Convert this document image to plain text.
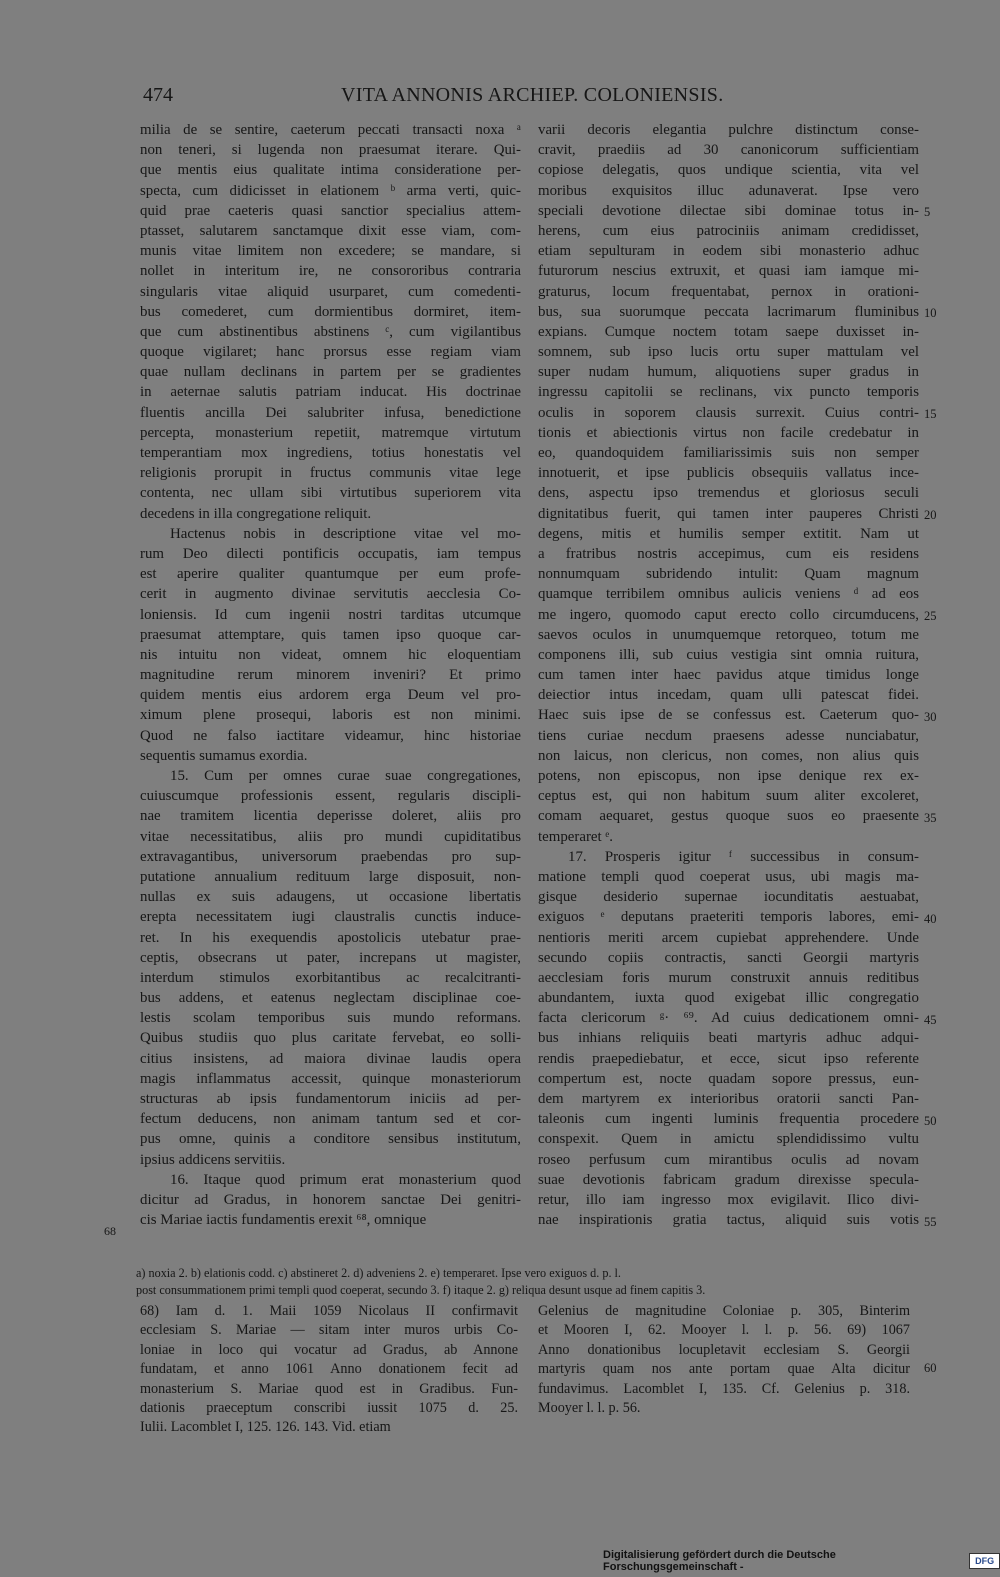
474	VITA ANNONIS ARCHIEP. COLONIENSIS.
milia de se sentire, caeterum peccati transacti noxa ᵃ
non teneri, si lugenda non praesumat iterare. Qui-
que mentis eius qualitate intima consideratione per-
specta, cum didicisset in elationem ᵇ arma verti, quic-
quid prae caeteris quasi sanctior specialius attem-
ptasset, salutarem sanctamque dixit esse viam, com-
munis vitae limitem non excedere; se mandare, si
nollet in interitum ire, ne consororibus contraria
singularis vitae aliquid usurparet, cum comedenti-
bus comederet, cum dormientibus dormiret, item-
que cum abstinentibus abstinens ᶜ, cum vigilantibus
quoque vigilaret; hanc prorsus esse regiam viam
quae nullam declinans in partem per se gradientes
in aeternae salutis patriam inducat. His doctrinae
fluentis ancilla Dei salubriter infusa, benedictione
percepta, monasterium repetiit, matremque virtutum
temperantiam mox ingrediens, totius honestatis vel
religionis prorupit in fructus communis vitae lege
contenta, nec ullam sibi virtutibus superiorem vita
decedens in illa congregatione reliquit.
Hactenus nobis in descriptione vitae vel mo-
rum Deo dilecti pontificis occupatis, iam tempus
est aperire qualiter quantumque per eum profe-
cerit in augmento divinae servitutis aecclesia Co-
loniensis. Id cum ingenii nostri tarditas utcumque
praesumat attemptare, quis tamen ipso quoque car-
nis intuitu non videat, omnem hic eloquentiam
magnitudine rerum minorem inveniri? Et primo
quidem mentis eius ardorem erga Deum vel pro-
ximum plene prosequi, laboris est non minimi.
Quod ne falso iactitare videamur, hinc historiae
sequentis sumamus exordia.
15. Cum per omnes curae suae congregationes,
cuiuscumque professionis essent, regularis discipli-
nae tramitem licentia deperisse doleret, aliis pro
vitae necessitatibus, aliis pro mundi cupiditatibus
extravagantibus, universorum praebendas pro sup-
putatione annualium redituum large disposuit, non-
nullas ex suis adaugens, ut occasione libertatis
erepta necessitatem iugi claustralis cunctis induce-
ret. In his exequendis apostolicis utebatur prae-
ceptis, obsecrans ut pater, increpans ut magister,
interdum stimulos exorbitantibus ac recalcitranti-
bus addens, et eatenus neglectam disciplinae coe-
lestis scolam temporibus suis mundo reformans.
Quibus studiis quo plus caritate fervebat, eo solli-
citius insistens, ad maiora divinae laudis opera
magis inflammatus accessit, quinque monasteriorum
structuras ab ipsis fundamentorum iniciis ad per-
fectum deducens, non animam tantum sed et cor-
pus omne, quinis a conditore sensibus institutum,
ipsius addicens servitiis.
16. Itaque quod primum erat monasterium quod
dicitur ad Gradus, in honorem sanctae Dei genitri-
cis Mariae iactis fundamentis erexit ⁶⁸, omnique
varii decoris elegantia pulchre distinctum conse-
cravit, praediis ad 30 canonicorum sufficientiam
copiose delegatis, quos undique scientia, vita vel
moribus exquisitos illuc adunaverat. Ipse vero
speciali devotione dilectae sibi dominae totus in-
herens, cum eius patrociniis animam credidisset,
etiam sepulturam in eodem sibi monasterio adhuc
futurorum nescius extruxit, et quasi iam iamque mi-
graturus, locum frequentabat, pernox in orationi-
bus, sua suorumque peccata lacrimarum fluminibus
expians. Cumque noctem totam saepe duxisset in-
somnem, sub ipso lucis ortu super mattulam vel
super nudam humum, aliquotiens super gradus in
ingressu capitolii se reclinans, vix puncto temporis
oculis in soporem clausis surrexit. Cuius contri-
tionis et abiectionis virtus non facile credebatur in
eo, quandoquidem familiarissimis suis non semper
innotuerit, et ipse publicis obsequiis vallatus ince-
dens, aspectu ipso tremendus et gloriosus seculi
dignitatibus fuerit, qui tamen inter pauperes Christi
degens, mitis et humilis semper extitit. Nam ut
a fratribus nostris accepimus, cum eis residens
nonnumquam subridendo intulit: Quam magnum
quamque terribilem omnibus aulicis veniens ᵈ ad eos
me ingero, quomodo caput erecto collo circumducens,
saevos oculos in unumquemque retorqueo, totum me
componens illi, sub cuius vestigia sint omnia ruitura,
cum tamen inter haec pavidus atque timidus longe
deiectior intus incedam, quam ulli patescat fidei.
Haec suis ipse de se confessus est. Caeterum quo-
tiens curiae necdum praesens adesse nunciabatur,
non laicus, non clericus, non comes, non alius quis
potens, non episcopus, non ipse denique rex ex-
ceptus est, qui non habitum suum aliter excoleret,
comam aequaret, gestus quoque suos eo praesente
temperaret ᵉ.
17. Prosperis igitur ᶠ successibus in consum-
matione templi quod coeperat usus, ubi magis ma-
gisque desiderio supernae iocunditatis aestuabat,
exiguos ᵉ deputans praeteriti temporis labores, emi-
nentioris meriti arcem cupiebat apprehendere. Unde
secundo copiis contractis, sancti Georgii martyris
aecclesiam foris murum construxit annuis reditibus
abundantem, iuxta quod exigebat illic congregatio
facta clericorum ᵍ· ⁶⁹. Ad cuius dedicationem omni-
bus inhians reliquiis beati martyris adhuc adqui-
rendis praepediebatur, et ecce, sicut ipso referente
compertum est, nocte quadam sopore pressus, eun-
dem martyrem ex interioribus oratorii sancti Pan-
taleonis cum ingenti luminis frequentia procedere
conspexit. Quem in amictu splendidissimo vultu
roseo perfusum cum mirantibus oculis ad novam
suae devotionis fabricam gradum direxisse specula-
retur, illo iam ingresso mox evigilavit. Ilico divi-
nae inspirationis gratia tactus, aliquid suis votis
68
5
10
15
20
25
30
35
40
45
50
55
a) noxia 2. b) elationis codd. c) abstineret 2. d) adveniens 2. e) temperaret. Ipse vero exiguos d. p. l.
post consummationem primi templi quod coeperat, secundo 3. f) itaque 2. g) reliqua desunt usque ad finem capitis 3.
68) Iam d. 1. Maii 1059 Nicolaus II confirmavit
ecclesiam S. Mariae — sitam inter muros urbis Co-
loniae in loco qui vocatur ad Gradus, ab Annone
fundatam, et anno 1061 Anno donationem fecit ad
monasterium S. Mariae quod est in Gradibus. Fun-
dationis praeceptum conscribi iussit 1075 d. 25.
Iulii. Lacomblet I, 125. 126. 143. Vid. etiam
Gelenius de magnitudine Coloniae p. 305, Binterim
et Mooren I, 62. Mooyer l. l. p. 56. 69) 1067
Anno donationibus locupletavit ecclesiam S. Georgii
martyris quam nos ante portam quae Alta dicitur
fundavimus. Lacomblet I, 135. Cf. Gelenius p. 318.
Mooyer l. l. p. 56.
60
Digitalisierung gefördert durch die Deutsche Forschungsgemeinschaft -	DFG
